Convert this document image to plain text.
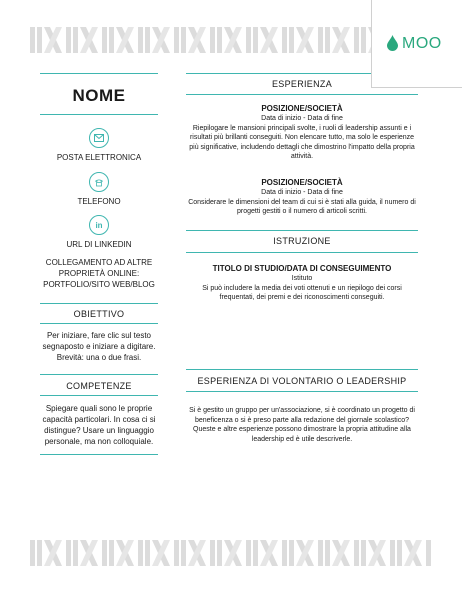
MOO
NOME
POSTA ELETTRONICA
TELEFONO
in
URL DI LINKEDIN
COLLEGAMENTO AD ALTRE PROPRIETÀ ONLINE: PORTFOLIO/SITO WEB/BLOG
OBIETTIVO
Per iniziare, fare clic sul testo segnaposto e iniziare a digitare. Brevità: una o due frasi.
COMPETENZE
Spiegare quali sono le proprie capacità particolari. In cosa ci si distingue? Usare un linguaggio personale, ma non colloquiale.
ESPERIENZA
POSIZIONE/SOCIETÀ
Data di inizio - Data di fine
Riepilogare le mansioni principali svolte, i ruoli di leadership assunti e i risultati più brillanti conseguiti. Non elencare tutto, ma solo le esperienze più significative, includendo dettagli che dimostrino l'impatto della propria attività.
POSIZIONE/SOCIETÀ
Data di inizio - Data di fine
Considerare le dimensioni del team di cui si è stati alla guida, il numero di progetti gestiti o il numero di articoli scritti.
ISTRUZIONE
TITOLO DI STUDIO/DATA DI CONSEGUIMENTO
Istituto
Si può includere la media dei voti ottenuti e un riepilogo dei corsi frequentati, dei premi e dei riconoscimenti conseguiti.
ESPERIENZA DI VOLONTARIO O LEADERSHIP
Si è gestito un gruppo per un'associazione, si è coordinato un progetto di beneficenza o si è preso parte alla redazione del giornale scolastico? Queste e altre esperienze possono dimostrare la propria attitudine alla leadership ed è utile descriverle.
